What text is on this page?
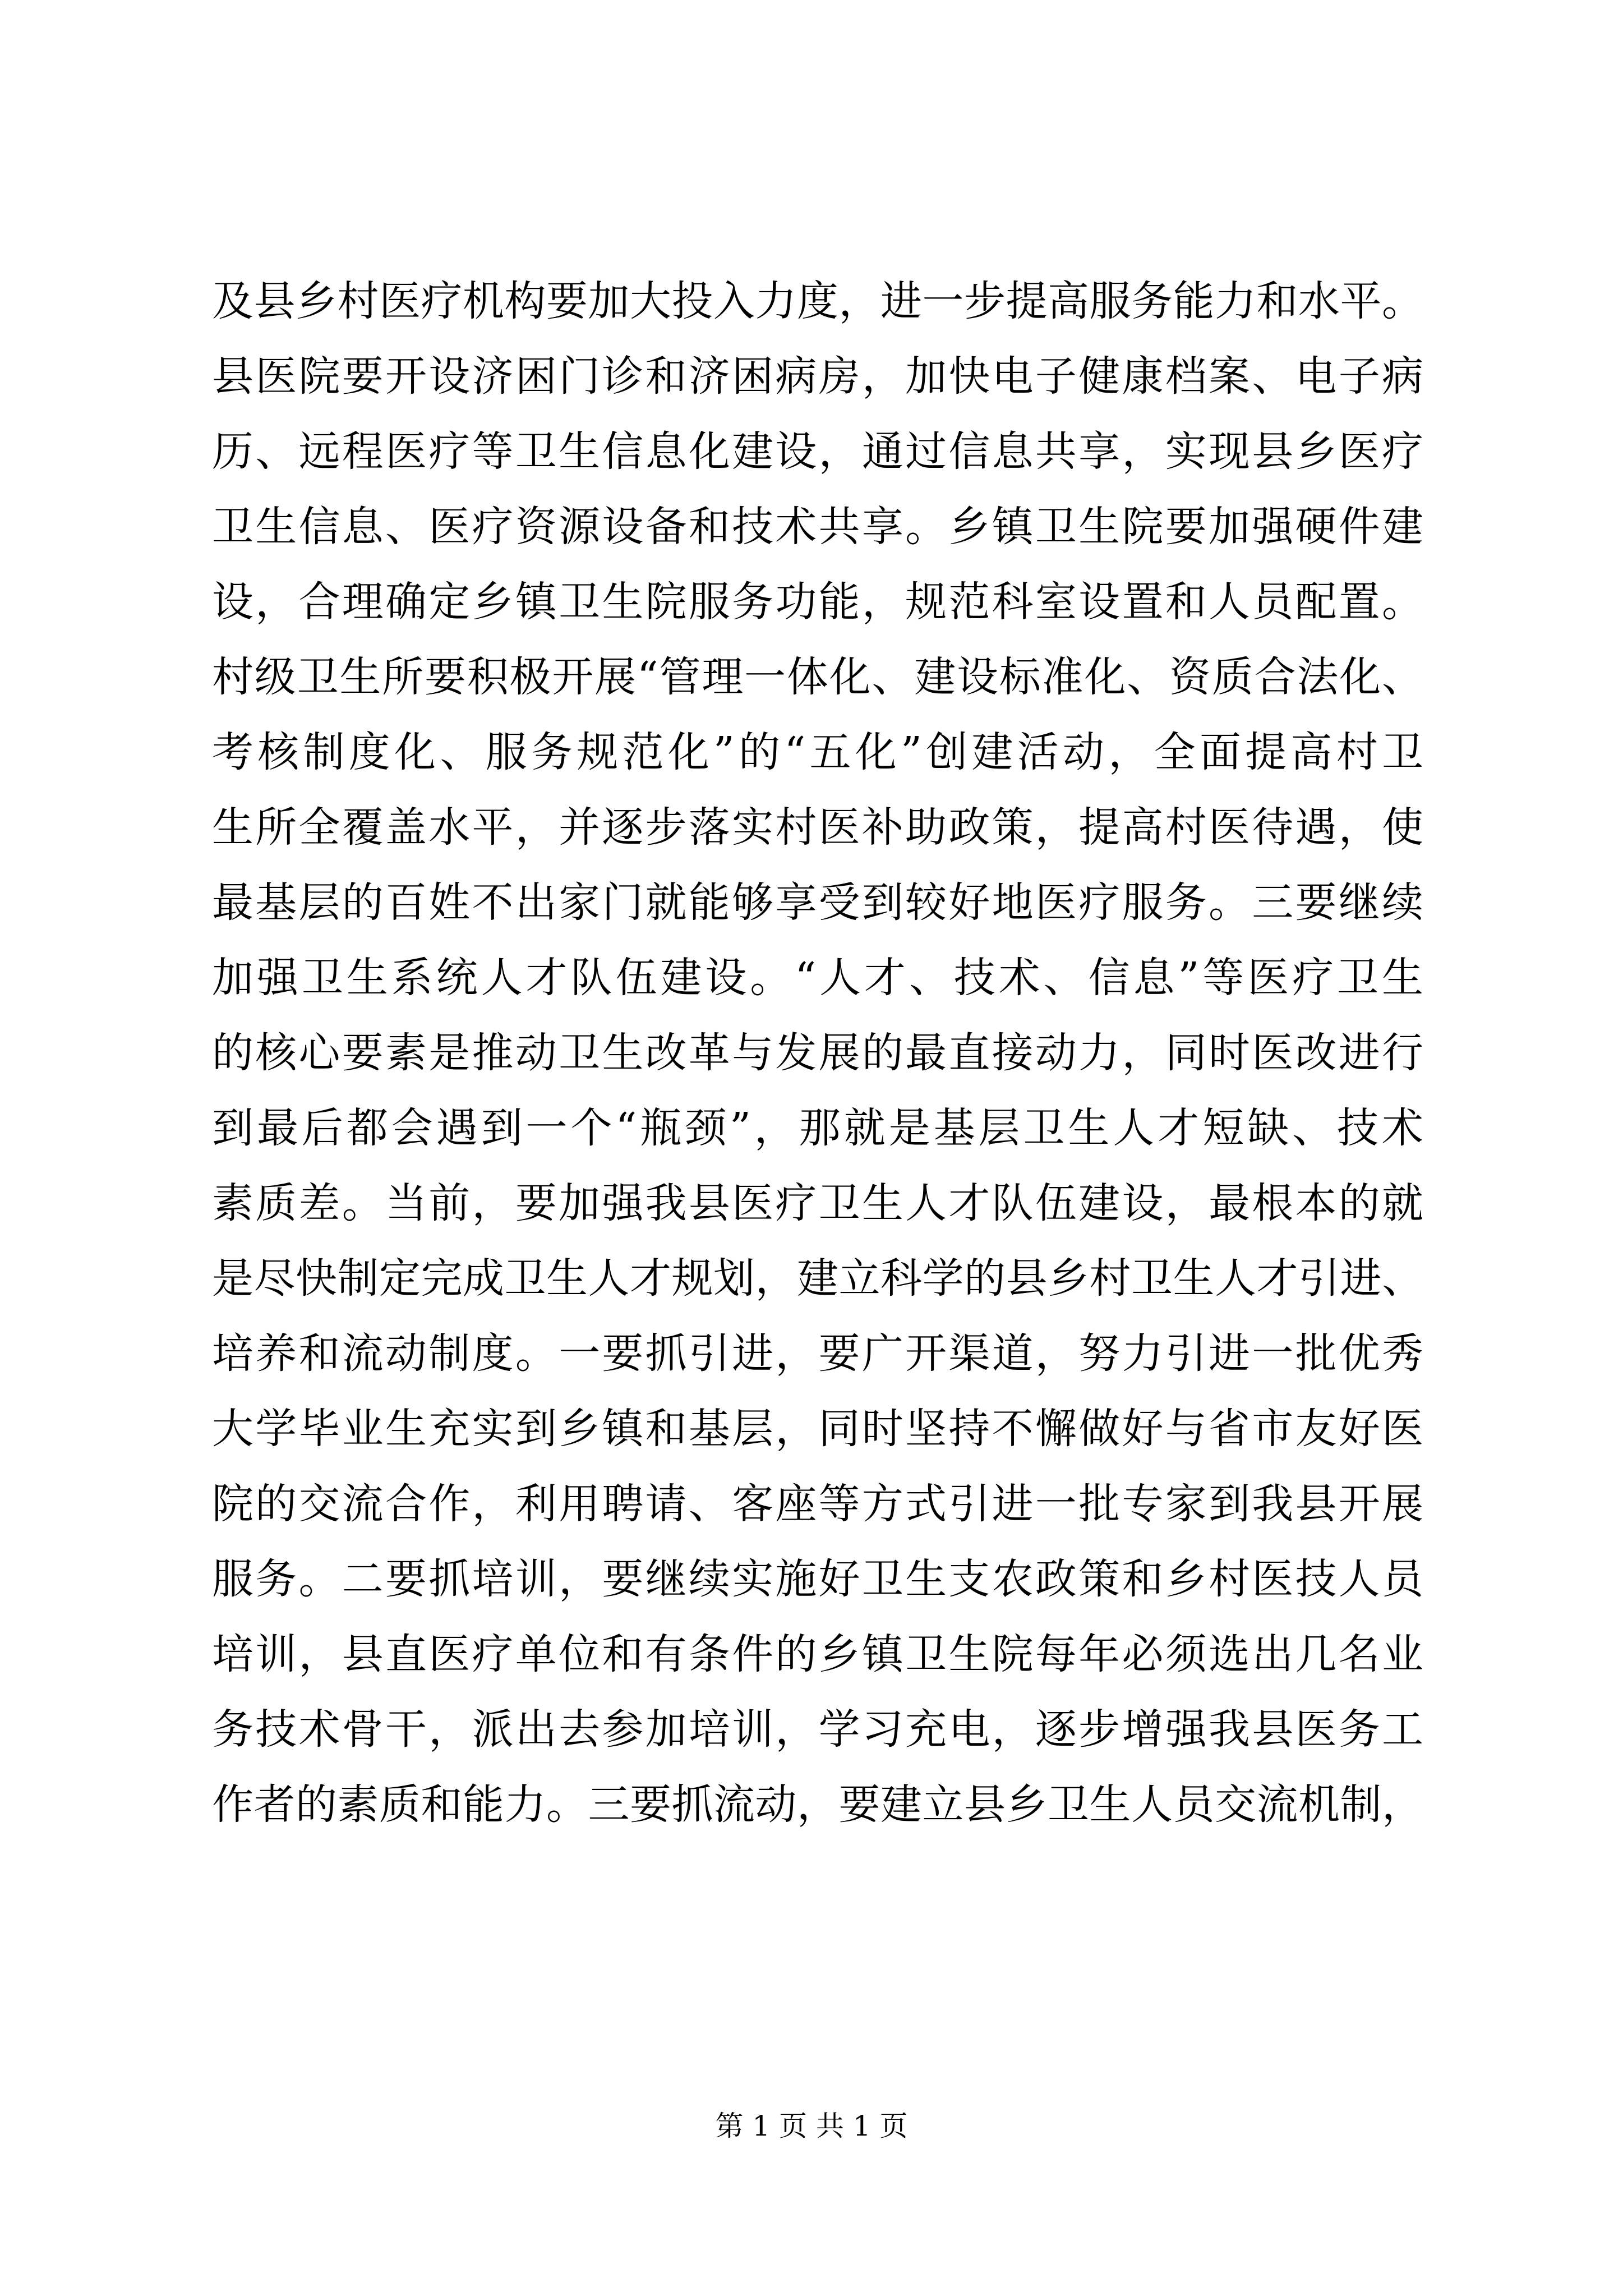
及县乡村医疗机构要加大投入力度，进一步提高服务能力和水平。
县医院要开设济困门诊和济困病房，加快电子健康档案、电子病
历、远程医疗等卫生信息化建设，通过信息共享，实现县乡医疗
卫生信息、医疗资源设备和技术共享。乡镇卫生院要加强硬件建
设，合理确定乡镇卫生院服务功能，规范科室设置和人员配置。
村级卫生所要积极开展“管理一体化、建设标准化、资质合法化、
考核制度化、服务规范化”的“五化”创建活动，全面提高村卫
生所全覆盖水平，并逐步落实村医补助政策，提高村医待遇，使
最基层的百姓不出家门就能够享受到较好地医疗服务。三要继续
加强卫生系统人才队伍建设。“人才、技术、信息”等医疗卫生
的核心要素是推动卫生改革与发展的最直接动力，同时医改进行
到最后都会遇到一个“瓶颈”，那就是基层卫生人才短缺、技术
素质差。当前，要加强我县医疗卫生人才队伍建设，最根本的就
是尽快制定完成卫生人才规划，建立科学的县乡村卫生人才引进、
培养和流动制度。一要抓引进，要广开渠道，努力引进一批优秀
大学毕业生充实到乡镇和基层，同时坚持不懈做好与省市友好医
院的交流合作，利用聘请、客座等方式引进一批专家到我县开展
服务。二要抓培训，要继续实施好卫生支农政策和乡村医技人员
培训，县直医疗单位和有条件的乡镇卫生院每年必须选出几名业
务技术骨干，派出去参加培训，学习充电，逐步增强我县医务工
作者的素质和能力。三要抓流动，要建立县乡卫生人员交流机制，
第 1 页 共 1 页
